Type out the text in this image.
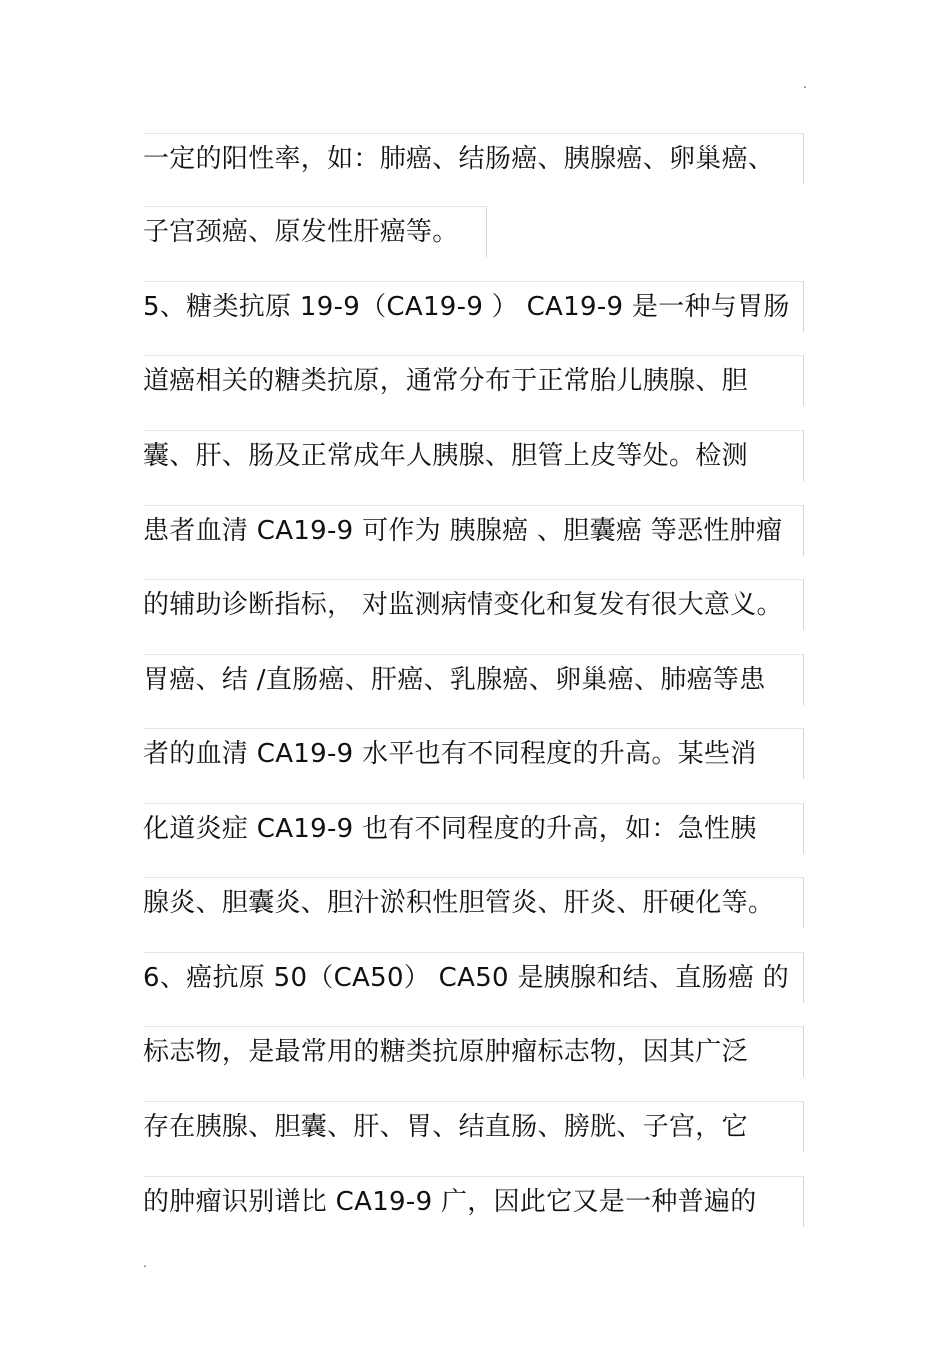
.
一定的阳性率，如：肺癌、结肠癌、胰腺癌、卵巢癌、
子宫颈癌、原发性肝癌等。
5、糖类抗原 19-9（CA19-9 ） CA19-9 是一种与胃肠
道癌相关的糖类抗原，通常分布于正常胎儿胰腺、胆
囊、肝、肠及正常成年人胰腺、胆管上皮等处。检测
患者血清 CA19-9 可作为 胰腺癌 、胆囊癌 等恶性肿瘤
的辅助诊断指标， 对监测病情变化和复发有很大意义。
胃癌、结 /直肠癌、肝癌、乳腺癌、卵巢癌、肺癌等患
者的血清 CA19-9 水平也有不同程度的升高。某些消
化道炎症 CA19-9 也有不同程度的升高，如：急性胰
腺炎、胆囊炎、胆汁淤积性胆管炎、肝炎、肝硬化等。
6、癌抗原 50（CA50） CA50 是胰腺和结、直肠癌 的
标志物，是最常用的糖类抗原肿瘤标志物，因其广泛
存在胰腺、胆囊、肝、胃、结直肠、膀胱、子宫，它
的肿瘤识别谱比 CA19-9 广，因此它又是一种普遍的
.
